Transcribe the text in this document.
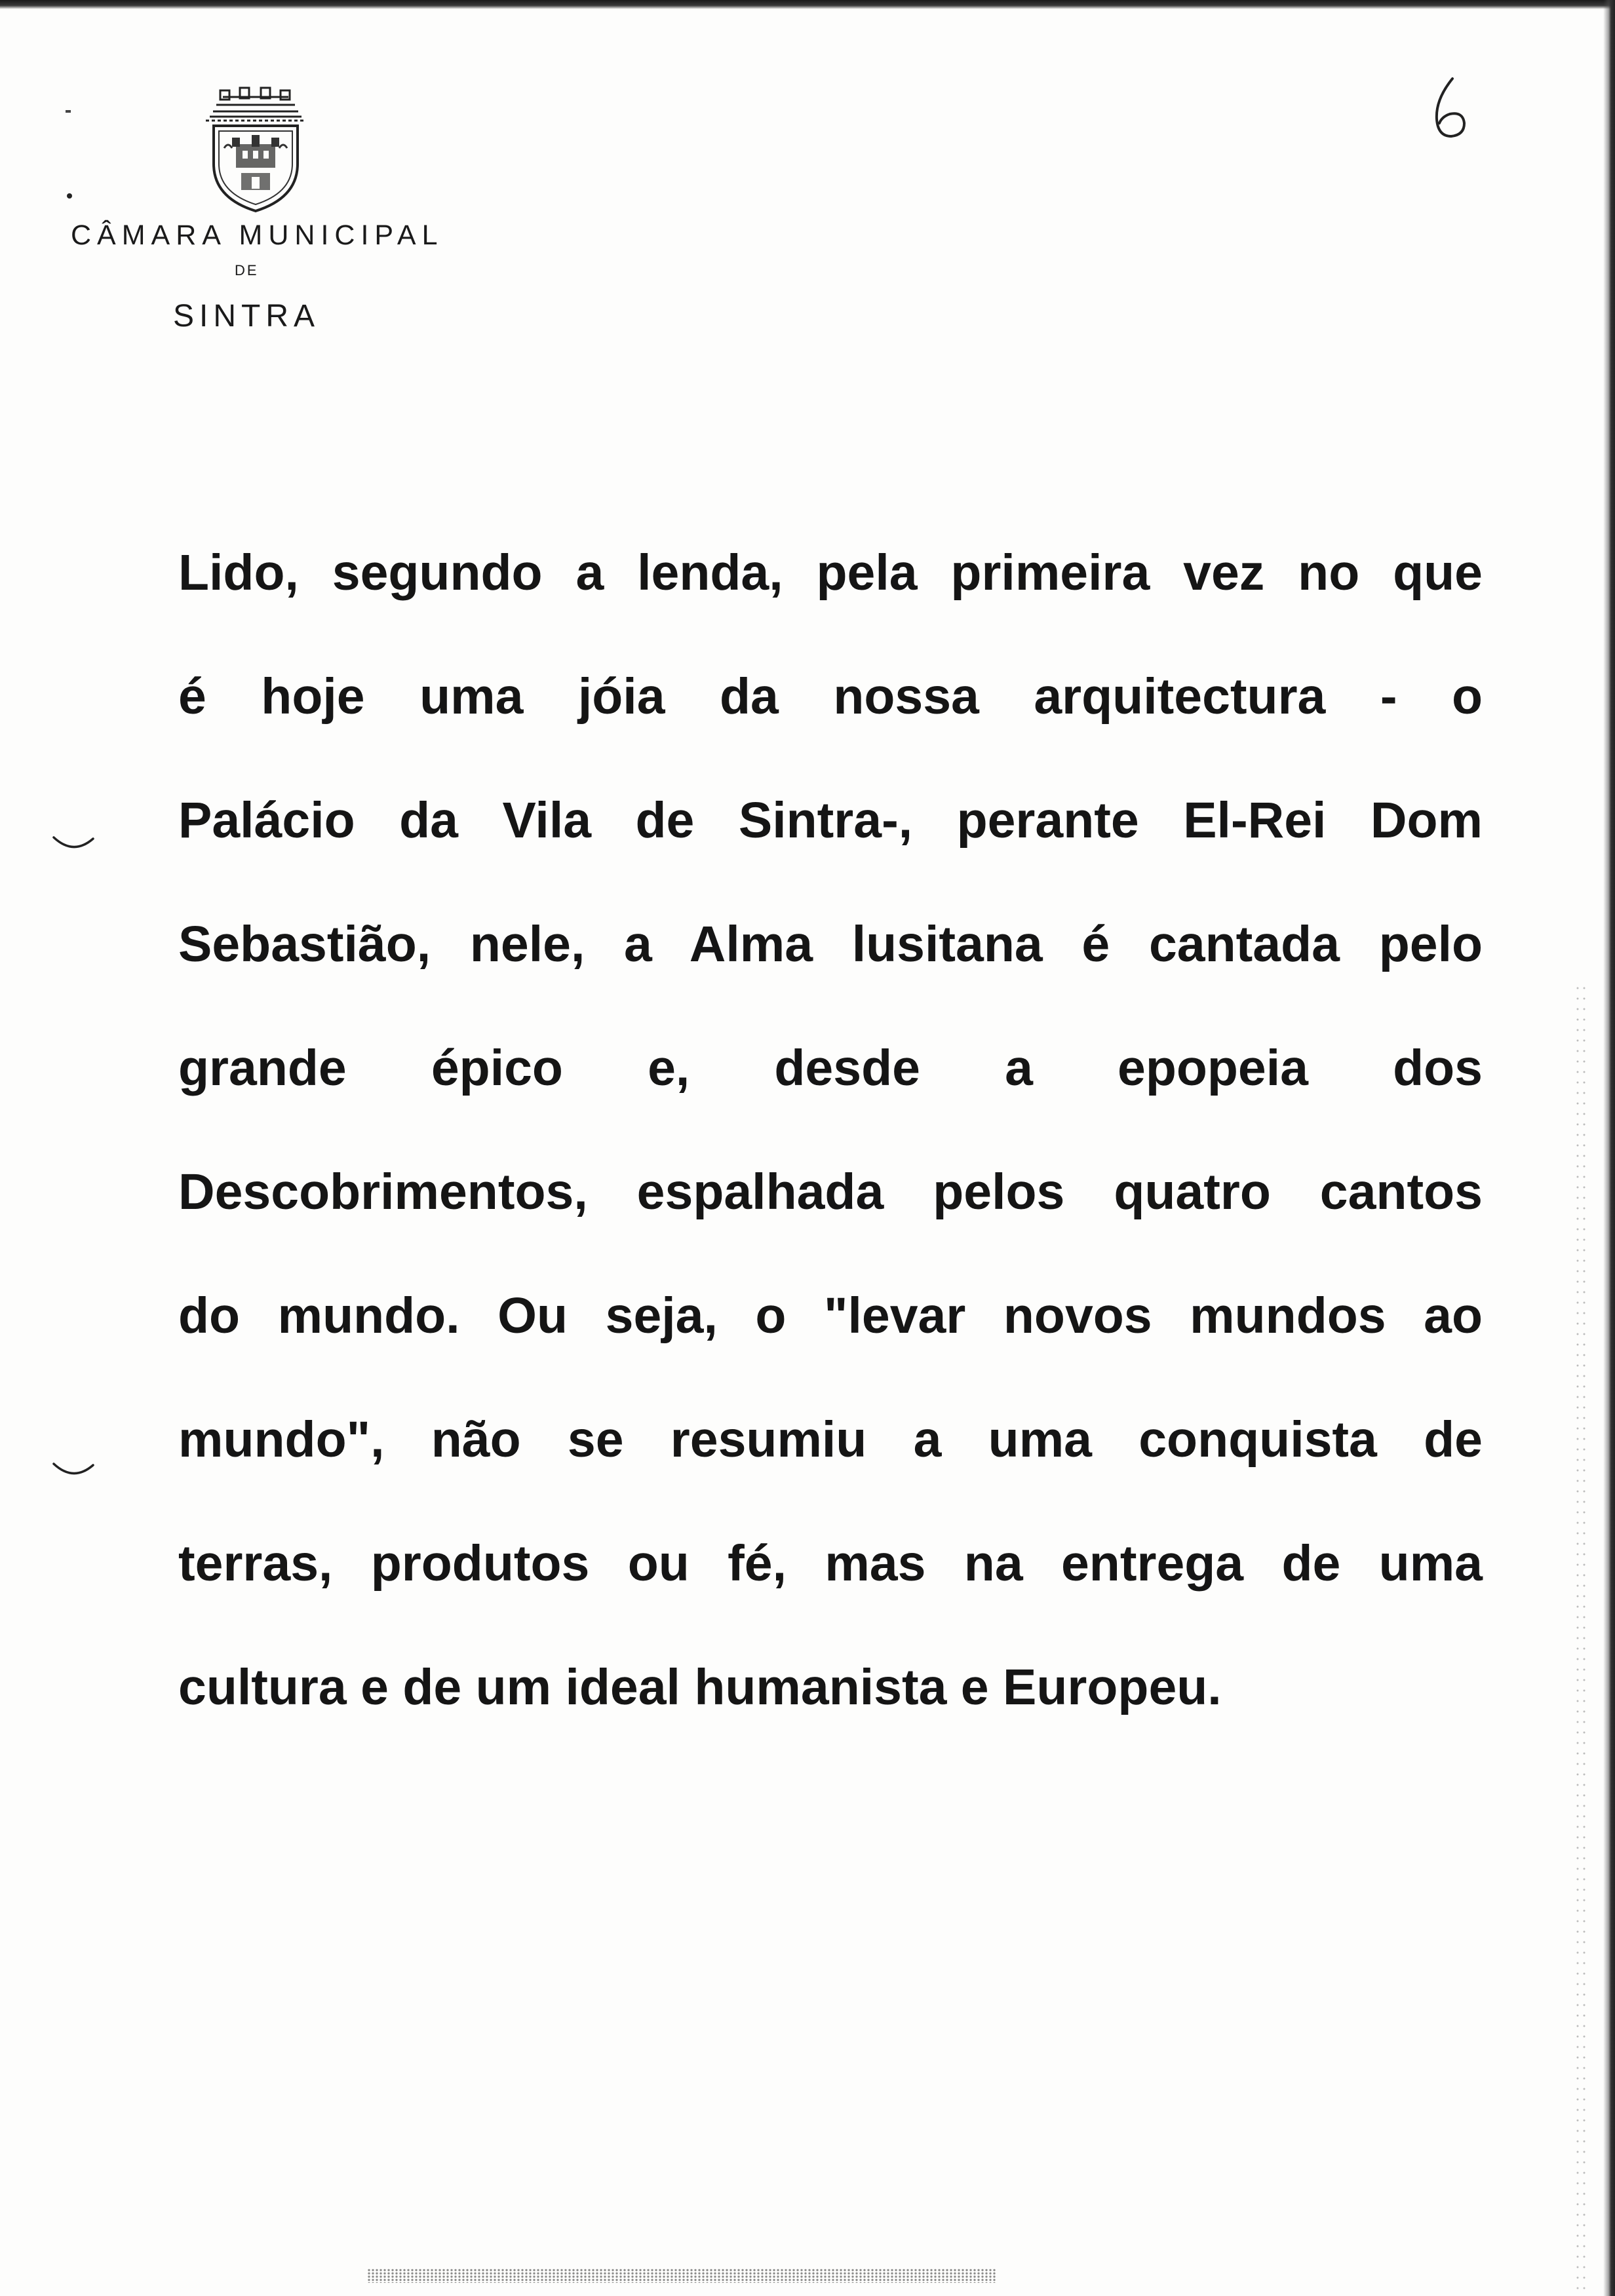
CÂMARA MUNICIPAL
DE
SINTRA
Lido, segundo a lenda, pela primeira vez no que
é hoje uma jóia da nossa arquitectura - o
Palácio da Vila de Sintra-, perante El-Rei Dom
Sebastião, nele, a Alma lusitana é cantada pelo
grande épico e, desde a epopeia dos
Descobrimentos, espalhada pelos quatro cantos
do mundo. Ou seja, o "levar novos mundos ao
mundo", não se resumiu a uma conquista de
terras, produtos ou fé, mas na entrega de uma
cultura e de um ideal humanista e Europeu.
